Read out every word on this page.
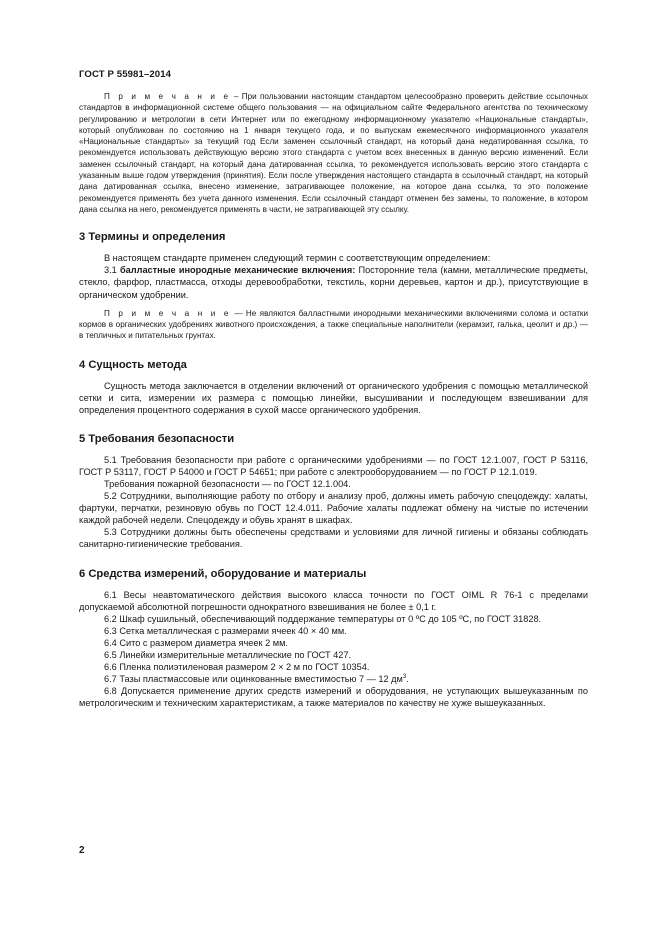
ГОСТ Р 55981–2014

П р и м е ч а н и е – При пользовании настоящим стандартом целесообразно проверить действие ссылочных стандартов в информационной системе общего пользования — на официальном сайте Федерального агентства по техническому регулированию и метрологии в сети Интернет или по ежегодному информационному указателю «Национальные стандарты», который опубликован по состоянию на 1 января текущего года, и по выпускам ежемесячного информационного указателя «Национальные стандарты» за текущий год Если заменен ссылочный стандарт, на который дана недатированная ссылка, то рекомендуется использовать действующую версию этого стандарта с учетом всех внесенных в данную версию изменений. Если заменен ссылочный стандарт, на который дана датированная ссылка, то рекомендуется использовать версию этого стандарта с указанным выше годом утверждения (принятия). Если после утверждения настоящего стандарта в ссылочный стандарт, на который дана датированная ссылка, внесено изменение, затрагивающее положение, на которое дана ссылка, то это положение рекомендуется применять без учета данного изменения. Если ссылочный стандарт отменен без замены, то положение, в котором дана ссылка на него, рекомендуется применять в части, не затрагивающей эту ссылку.

3 Термины и определения

В настоящем стандарте применен следующий термин с соответствующим определением:

3.1 балластные инородные механические включения: Посторонние тела (камни, металлические предметы, стекло, фарфор, пластмасса, отходы деревообработки, текстиль, корни деревьев, картон и др.), присутствующие в органическом удобрении.

П р и м е ч а н и е — Не являются балластными инородными механическими включениями солома и остатки кормов в органических удобрениях животного происхождения, а также специальные наполнители (керамзит, галька, цеолит и др.) — в тепличных и питательных грунтах.

4 Сущность метода

Сущность метода заключается в отделении включений от органического удобрения с помощью металлической сетки и сита, измерении их размера с помощью линейки, высушивании и последующем взвешивании для определения процентного содержания в сухой массе органического удобрения.

5 Требования безопасности

5.1 Требования безопасности при работе с органическими удобрениями — по ГОСТ 12.1.007, ГОСТ Р 53116, ГОСТ Р 53117, ГОСТ Р 54000 и ГОСТ Р 54651; при работе с электрооборудованием — по ГОСТ Р 12.1.019.

Требования пожарной безопасности — по ГОСТ 12.1.004.

5.2 Сотрудники, выполняющие работу по отбору и анализу проб, должны иметь рабочую спецодежду: халаты, фартуки, перчатки, резиновую обувь по ГОСТ 12.4.011. Рабочие халаты подлежат обмену на чистые по истечении каждой рабочей недели. Спецодежду и обувь хранят в шкафах.

5.3 Сотрудники должны быть обеспечены средствами и условиями для личной гигиены и обязаны соблюдать санитарно-гигиенические требования.

6 Средства измерений, оборудование и материалы

6.1 Весы неавтоматического действия высокого класса точности по ГОСТ OIML R 76-1 с пределами допускаемой абсолютной погрешности однократного взвешивания не более ± 0,1 г.

6.2 Шкаф сушильный, обеспечивающий поддержание температуры от 0 ºС до 105 ºС, по ГОСТ 31828.

6.3 Сетка металлическая с размерами ячеек 40 × 40 мм.

6.4 Сито с размером диаметра ячеек 2 мм.

6.5 Линейки измерительные металлические по ГОСТ 427.

6.6 Пленка полиэтиленовая размером 2 × 2 м по ГОСТ 10354.

6.7 Тазы пластмассовые или оцинкованные вместимостью 7 — 12 $дм^3$.

6.8 Допускается применение других средств измерений и оборудования, не уступающих вышеуказанным по метрологическим и техническим характеристикам, а также материалов по качеству не хуже вышеуказанных.

2
